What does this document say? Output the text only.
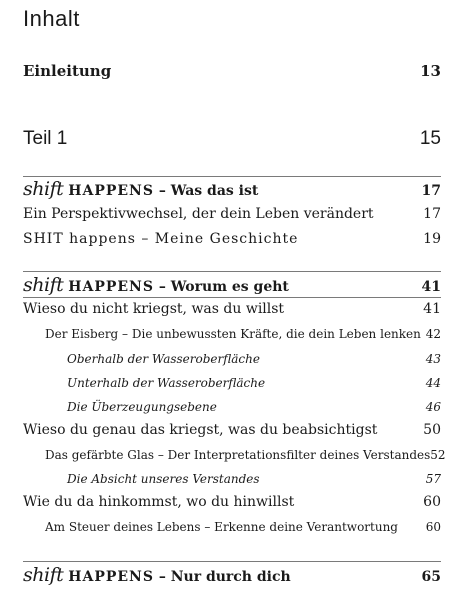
Inhalt
Einleitung	13
Teil 1	15
shift HAPPENS – Was das ist	17
Ein Perspektivwechsel, der dein Leben verändert	17
SHIT happens – Meine Geschichte	19
shift HAPPENS – Worum es geht	41
Wieso du nicht kriegst, was du willst	41
Der Eisberg – Die unbewussten Kräfte, die dein Leben lenken 42
Oberhalb der Wasseroberfläche	43
Unterhalb der Wasseroberfläche	44
Die Überzeugungsebene	46
Wieso du genau das kriegst, was du beabsichtigst	50
Das gefärbte Glas – Der Interpretationsfilter deines Verstandes 52
Die Absicht unseres Verstandes	57
Wie du da hinkommst, wo du hinwillst	60
Am Steuer deines Lebens – Erkenne deine Verantwortung 60
shift HAPPENS – Nur durch dich	65
